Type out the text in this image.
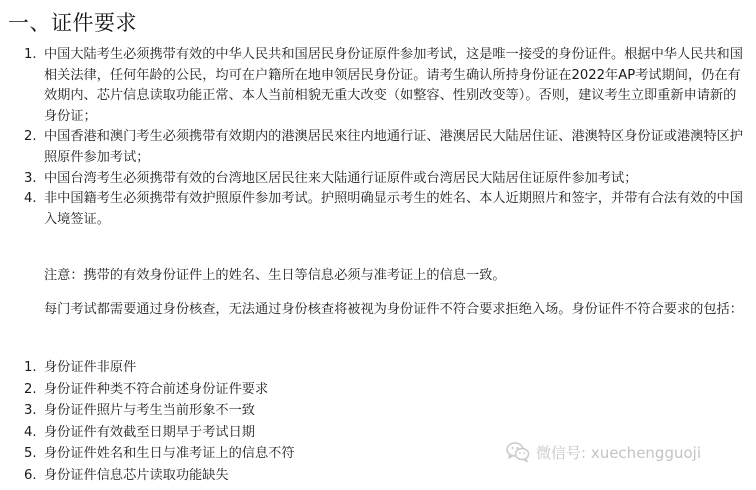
一、证件要求
1. 中国大陆考生必须携带有效的中华人民共和国居民身份证原件参加考试，这是唯一接受的身份证件。根据中华人民共和国相关法律，任何年龄的公民，均可在户籍所在地申领居民身份证。请考生确认所持身份证在2022年AP考试期间，仍在有效期内、芯片信息读取功能正常、本人当前相貌无重大改变（如整容、性别改变等）。否则，建议考生立即重新申请新的身份证；
2. 中国香港和澳门考生必须携带有效期内的港澳居民來往内地通行证、港澳居民大陆居住证、港澳特区身份证或港澳特区护照原件参加考试；
3. 中国台湾考生必须携带有效的台湾地区居民往来大陆通行证原件或台湾居民大陆居住证原件参加考试；
4. 非中国籍考生必须携带有效护照原件参加考试。护照明确显示考生的姓名、本人近期照片和签字，并带有合法有效的中国入境签证。

注意：携带的有效身份证件上的姓名、生日等信息必须与准考证上的信息一致。

每门考试都需要通过身份核查，无法通过身份核查将被视为身份证件不符合要求拒绝入场。身份证件不符合要求的包括：

1. 身份证件非原件
2. 身份证件种类不符合前述身份证件要求
3. 身份证件照片与考生当前形象不一致
4. 身份证件有效截至日期早于考试日期
5. 身份证件姓名和生日与准考证上的信息不符
6. 身份证件信息芯片读取功能缺失
微信号: xuechengguoji
